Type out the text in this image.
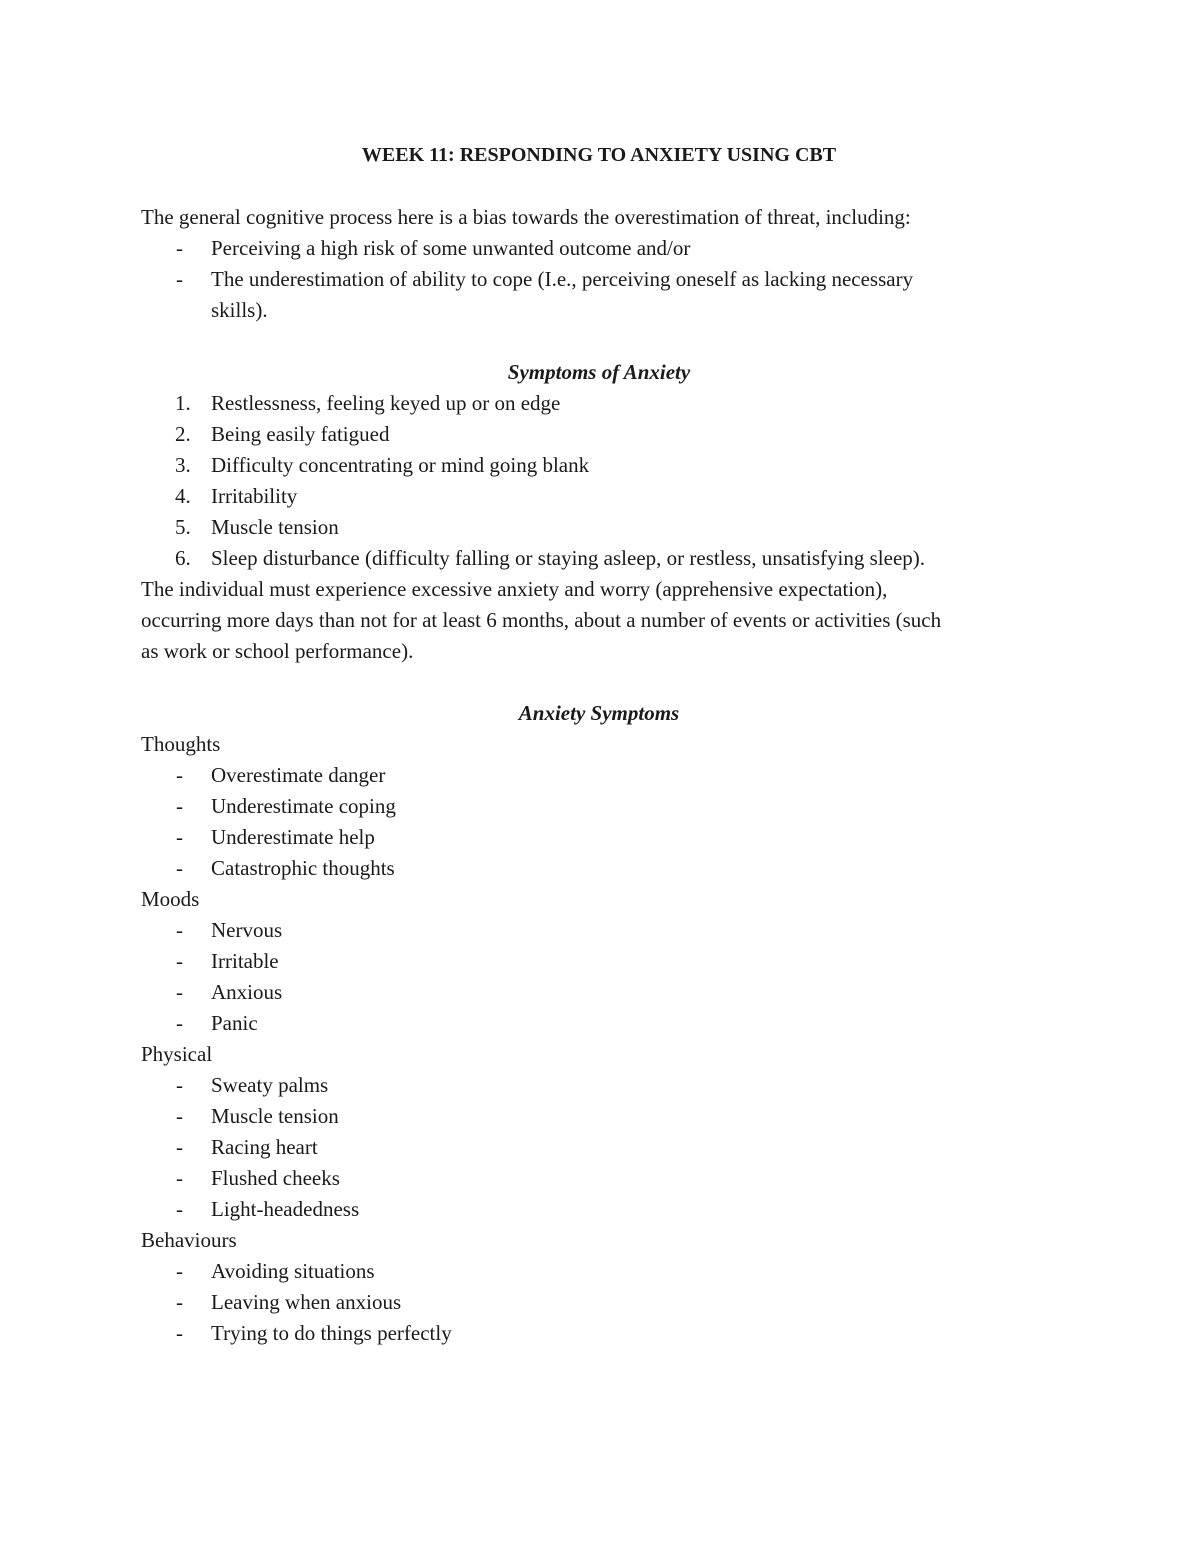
WEEK 11: RESPONDING TO ANXIETY USING CBT
The general cognitive process here is a bias towards the overestimation of threat, including:
- Perceiving a high risk of some unwanted outcome and/or
- The underestimation of ability to cope (I.e., perceiving oneself as lacking necessary
skills).
Symptoms of Anxiety
1. Restlessness, feeling keyed up or on edge
2. Being easily fatigued
3. Difficulty concentrating or mind going blank
4. Irritability
5. Muscle tension
6. Sleep disturbance (difficulty falling or staying asleep, or restless, unsatisfying sleep).
The individual must experience excessive anxiety and worry (apprehensive expectation),
occurring more days than not for at least 6 months, about a number of events or activities (such
as work or school performance).
Anxiety Symptoms
Thoughts
- Overestimate danger
- Underestimate coping
- Underestimate help
- Catastrophic thoughts
Moods
- Nervous
- Irritable
- Anxious
- Panic
Physical
- Sweaty palms
- Muscle tension
- Racing heart
- Flushed cheeks
- Light-headedness
Behaviours
- Avoiding situations
- Leaving when anxious
- Trying to do things perfectly
